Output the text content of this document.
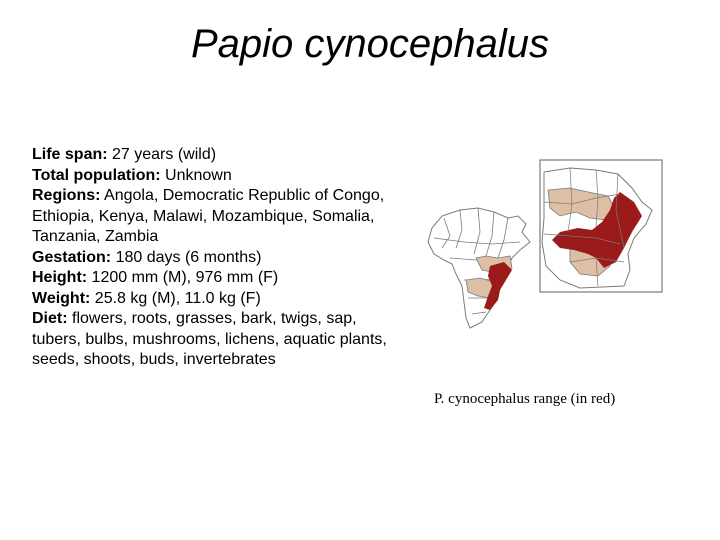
Papio cynocephalus

Life span: 27 years (wild)

Total population: Unknown

Regions: Angola, Democratic Republic of Congo, Ethiopia, Kenya, Malawi, Mozambique, Somalia, Tanzania, Zambia

Gestation: 180 days (6 months)

Height: 1200 mm (M), 976 mm (F)

Weight: 25.8 kg (M), 11.0 kg (F)

Diet: flowers, roots, grasses, bark, twigs, sap, tubers, bulbs, mushrooms, lichens, aquatic plants, seeds, shoots, buds, invertebrates

P. cynocephalus range (in red)
